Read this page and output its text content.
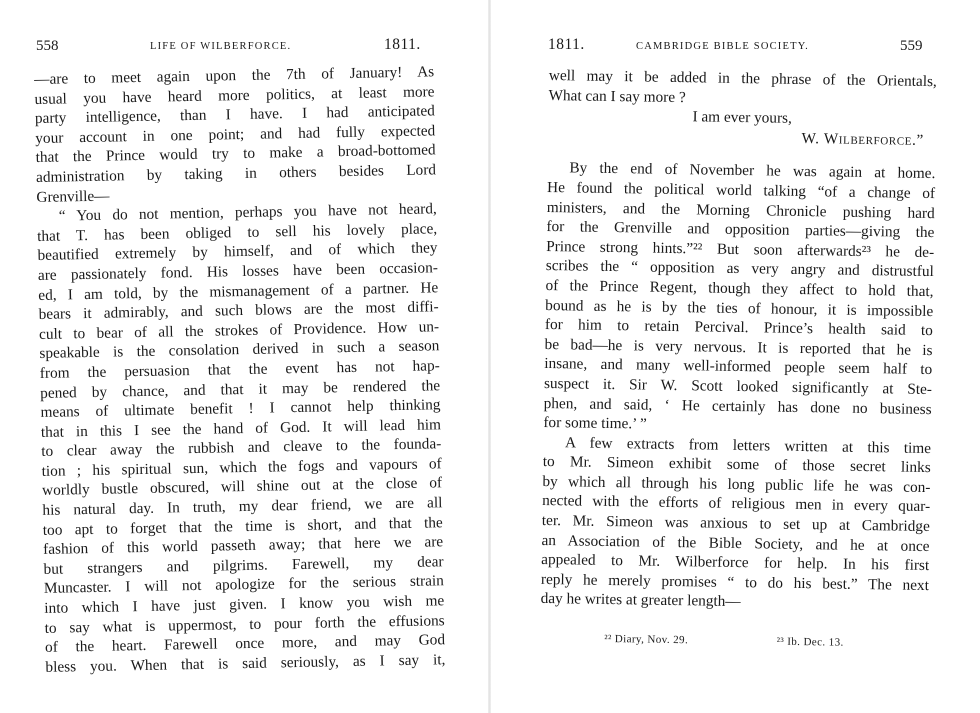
558	LIFE OF WILBERFORCE.	1811.
—are to meet again upon the 7th of January! As
usual you have heard more politics, at least more
party intelligence, than I have. I had anticipated
your account in one point; and had fully expected
that the Prince would try to make a broad-bottomed
administration by taking in others besides Lord
Grenville—
“ You do not mention, perhaps you have not heard,
that T. has been obliged to sell his lovely place,
beautified extremely by himself, and of which they
are passionately fond. His losses have been occasion-
ed, I am told, by the mismanagement of a partner. He
bears it admirably, and such blows are the most diffi-
cult to bear of all the strokes of Providence. How un-
speakable is the consolation derived in such a season
from the persuasion that the event has not hap-
pened by chance, and that it may be rendered the
means of ultimate benefit ! I cannot help thinking
that in this I see the hand of God. It will lead him
to clear away the rubbish and cleave to the founda-
tion ; his spiritual sun, which the fogs and vapours of
worldly bustle obscured, will shine out at the close of
his natural day. In truth, my dear friend, we are all
too apt to forget that the time is short, and that the
fashion of this world passeth away; that here we are
but strangers and pilgrims. Farewell, my dear
Muncaster. I will not apologize for the serious strain
into which I have just given. I know you wish me
to say what is uppermost, to pour forth the effusions
of the heart. Farewell once more, and may God
bless you. When that is said seriously, as I say it,
1811.	CAMBRIDGE BIBLE SOCIETY.	559
well may it be added in the phrase of the Orientals,
What can I say more ?
I am ever yours,
W. Wilberforce.”
By the end of November he was again at home.
He found the political world talking “of a change of
ministers, and the Morning Chronicle pushing hard
for the Grenville and opposition parties—giving the
Prince strong hints.”²² But soon afterwards²³ he de-
scribes the “ opposition as very angry and distrustful
of the Prince Regent, though they affect to hold that,
bound as he is by the ties of honour, it is impossible
for him to retain Percival. Prince’s health said to
be bad—he is very nervous. It is reported that he is
insane, and many well-informed people seem half to
suspect it. Sir W. Scott looked significantly at Ste-
phen, and said, ‘ He certainly has done no business
for some time.’ ”
A few extracts from letters written at this time
to Mr. Simeon exhibit some of those secret links
by which all through his long public life he was con-
nected with the efforts of religious men in every quar-
ter. Mr. Simeon was anxious to set up at Cambridge
an Association of the Bible Society, and he at once
appealed to Mr. Wilberforce for help. In his first
reply he merely promises “ to do his best.” The next
day he writes at greater length—
²² Diary, Nov. 29.	²³ Ib. Dec. 13.
